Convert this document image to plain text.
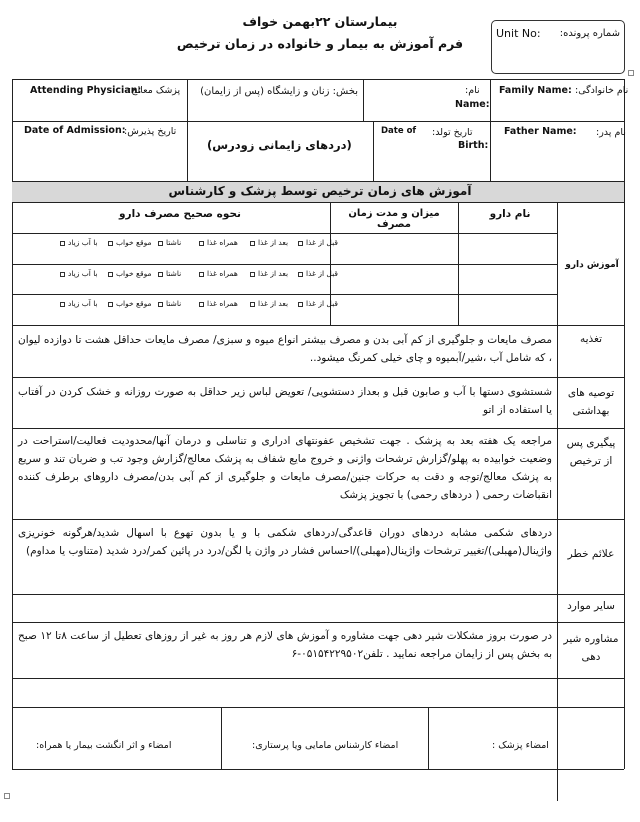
بیمارستان ۲۲بهمن خواف
فرم آموزش به بیمار و خانواده در زمان ترخیص
Unit No: شماره پرونده:
نام خانوادگی:
Family Name:
نام:
Name:
بخش: زنان و زایشگاه (پس از زایمان)
پزشک معالج:
Attending Physician:
نام پدر:
Father Name:
تاریخ تولد:
Date of
Birth:
(دردهای زایمانی زودرس)
تاریخ پذیرش:
Date of Admission:
آموزش های زمان ترخیص توسط پزشک و کارشناس
آموزش دارو
نام دارو
میزان و مدت زمان مصرف
نحوه صحیح مصرف دارو
قبل از غذا
بعد از غذا
همراه غذا
ناشتا
موقع خواب
با آب زیاد
قبل از غذا
بعد از غذا
همراه غذا
ناشتا
موقع خواب
با آب زیاد
قبل از غذا
بعد از غذا
همراه غذا
ناشتا
موقع خواب
با آب زیاد
تغذیه
مصرف مایعات و جلوگیری از کم آبی بدن و مصرف بیشتر انواع میوه و سبزی/ مصرف مایعات حداقل هشت تا دوازده لیوان ، که شامل آب ،شیر/آبمیوه و چای خیلی کمرنگ میشود..
توصیه های بهداشتی
شستشوی دستها با آب و صابون قبل و بعداز دستشویی/ تعویض لباس زیر حداقل به صورت روزانه و خشک کردن در آفتاب یا استفاده از اتو
پیگیری پس از ترخیص
مراجعه یک هفته بعد به پزشک . جهت تشخیص عفونتهای ادراری و تناسلی و درمان آنها/محدودیت فعالیت/استراحت در وضعیت خوابیده به پهلو/گزارش ترشحات واژنی و خروج مایع شفاف به پزشک معالج/گزارش وجود تب و ضربان تند و سریع به پزشک معالج/توجه و دقت به حرکات جنین/مصرف مایعات و جلوگیری از کم آبی بدن/مصرف داروهای برطرف کننده انقباضات رحمی ( دردهای رحمی) با تجویز پزشک
علائم خطر
دردهای شکمی مشابه دردهای دوران قاعدگی/دردهای شکمی با و یا بدون تهوع با اسهال شدید/هرگونه خونریزی واژینال(مهبلی)/تغییر ترشحات واژینال(مهبلی)/احساس فشار در واژن یا لگن/درد در پائین کمر/درد شدید (متناوب یا مداوم)
سایر موارد
مشاوره شیر دهی
در صورت بروز مشکلات شیر دهی جهت مشاوره و آموزش های لازم هر روز به غیر از روزهای تعطیل از ساعت ۸تا ۱۲ صبح به بخش پس از زایمان مراجعه نمایید . تلفن۰۵۱۵۴۲۲۹۵۰۲-۶
امضاء پزشک :
امضاء کارشناس مامایی ویا پرستاری:
امضاء و اثر انگشت بیمار یا همراه:
